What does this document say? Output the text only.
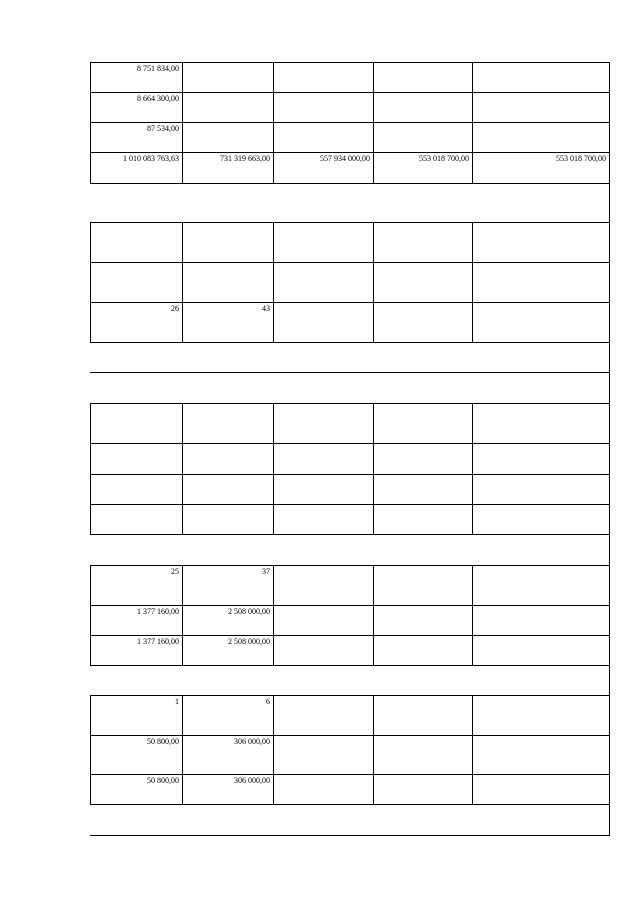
8 751 834,00
8 664 300,00
87 534,00
1 010 083 763,63	731 319 663,00	557 934 000,00	553 018 700,00	553 018 700,00
26	43
25	37
1 377 160,00	2 508 000,00
1 377 160,00	2 508 000,00
1	6
50 800,00	306 000,00
50 800,00	306 000,00
